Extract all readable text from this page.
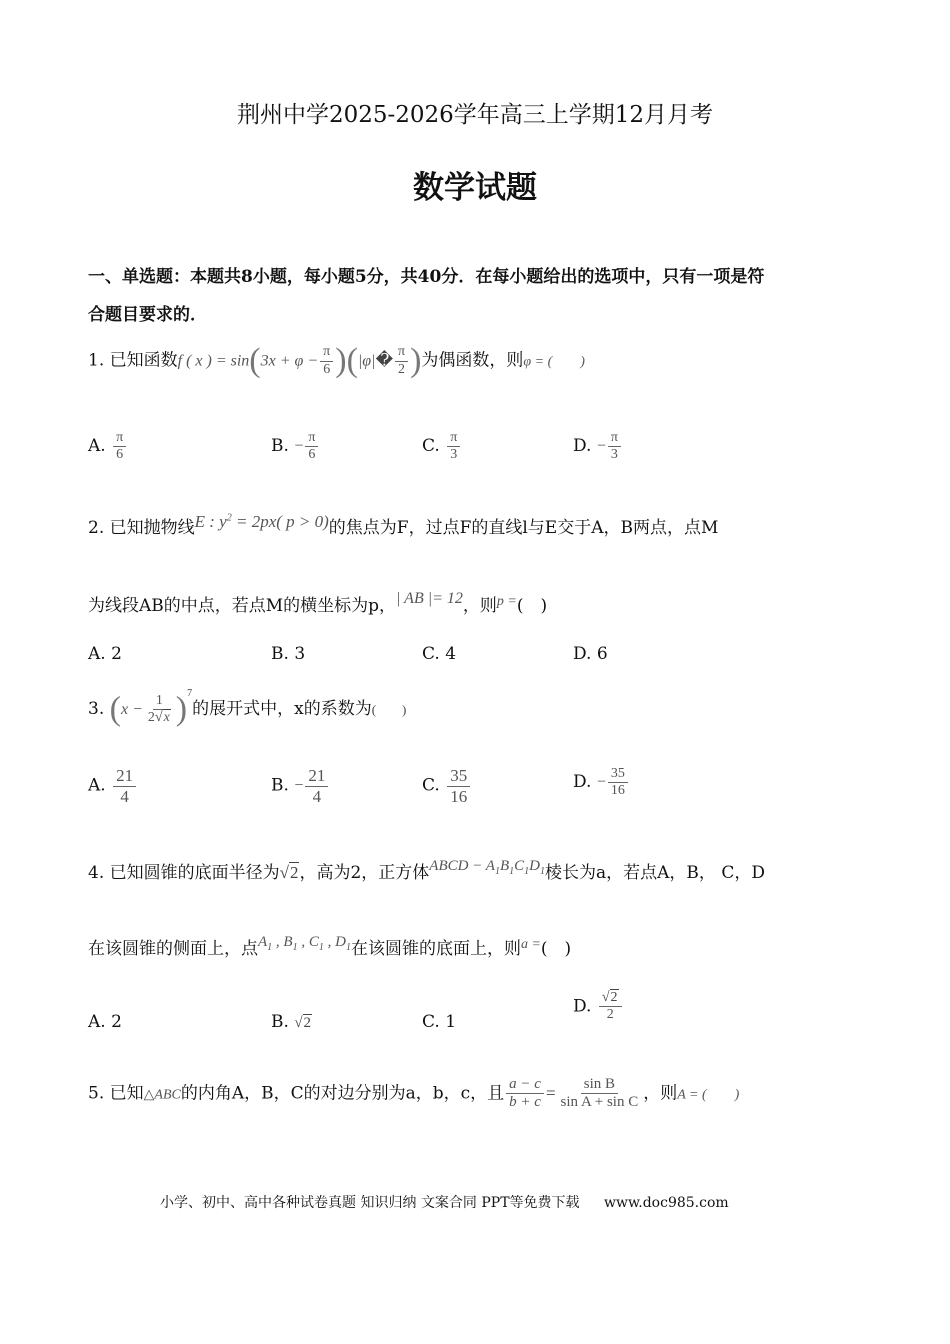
荆州中学2025-2026学年高三上学期12月月考
数学试题
一、单选题：本题共8小题，每小题5分，共40分．在每小题给出的选项中，只有一项是符
合题目要求的．
1. 已知函数f ( x ) = $\sin(3x + \varphi - \frac{\pi}{6}$ )(|φ|� $\frac{\pi}{2}$ )为偶函数，则φ = (　　)
A. $\frac{\pi}{6}$	B. − $\frac{\pi}{6}$	C. $\frac{\pi}{3}$	D. − $\frac{\pi}{3}$
2. 已知抛物线E : $y^2 = 2px$( p > 0)的焦点为F，过点F的直线l与E交于A，B两点，点M
为线段AB的中点，若点M的横坐标为p，| AB |= 12，则$^{p =}$(　)
A. 2	B. 3	C. 4	D. 6
3. $(x - \frac{1}{2√x} )^7$的展开式中，x的系数为(　　)
A. $\frac{21}{4}$	B. − $\frac{21}{4}$	C. $\frac{35}{16}$	D. − $\frac{35}{16}$
4. 已知圆锥的底面半径为√2，高为2，正方体ABCD − $A_1B_1C_1D_1$棱长为a，若点A，B， C，D
在该圆锥的侧面上，点$A_1$ , $B_1$ , $C_1$ , $D_1$在该圆锥的底面上，则$^{a =}$(　)
A. 2	B. √2	C. 1
D. $\frac{√2}{2}$
5. 已知△ABC的内角A，B，C的对边分别为a，b，c，且 $\frac{a - c}{b + c} = \frac{\text{sin B}}{\text{sin A + sin C}}$ ，则A = (　　)
小学、初中、高中各种试卷真题 知识归纳 文案合同 PPT等免费下载 www.doc985.com
